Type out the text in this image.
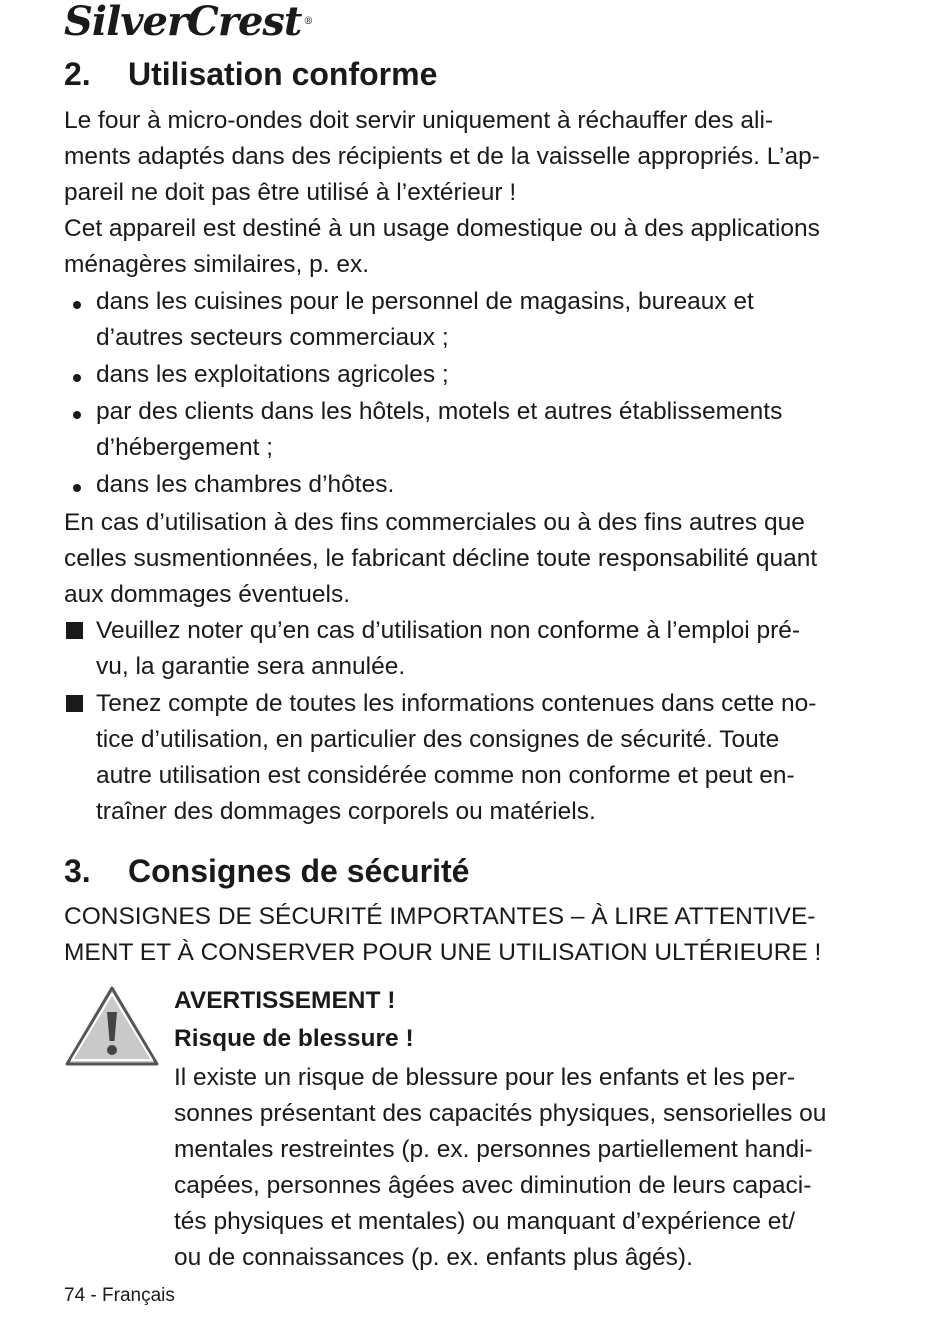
SilverCrest ®
2. Utilisation conforme
Le four à micro-ondes doit servir uniquement à réchauffer des ali-
ments adaptés dans des récipients et de la vaisselle appropriés. L’ap-
pareil ne doit pas être utilisé à l’extérieur !
Cet appareil est destiné à un usage domestique ou à des applications
ménagères similaires, p. ex.
dans les cuisines pour le personnel de magasins, bureaux et
d’autres secteurs commerciaux ;
dans les exploitations agricoles ;
par des clients dans les hôtels, motels et autres établissements
d’hébergement ;
dans les chambres d’hôtes.
En cas d’utilisation à des fins commerciales ou à des fins autres que
celles susmentionnées, le fabricant décline toute responsabilité quant
aux dommages éventuels.
Veuillez noter qu’en cas d’utilisation non conforme à l’emploi pré-
vu, la garantie sera annulée.
Tenez compte de toutes les informations contenues dans cette no-
tice d’utilisation, en particulier des consignes de sécurité. Toute
autre utilisation est considérée comme non conforme et peut en-
traîner des dommages corporels ou matériels.
3. Consignes de sécurité
CONSIGNES DE SÉCURITÉ IMPORTANTES – À LIRE ATTENTIVE-
MENT ET À CONSERVER POUR UNE UTILISATION ULTÉRIEURE !
AVERTISSEMENT !
Risque de blessure !
Il existe un risque de blessure pour les enfants et les per-
sonnes présentant des capacités physiques, sensorielles ou
mentales restreintes (p. ex. personnes partiellement handi-
capées, personnes âgées avec diminution de leurs capaci-
tés physiques et mentales) ou manquant d’expérience et/
ou de connaissances (p. ex. enfants plus âgés).
74 - Français
